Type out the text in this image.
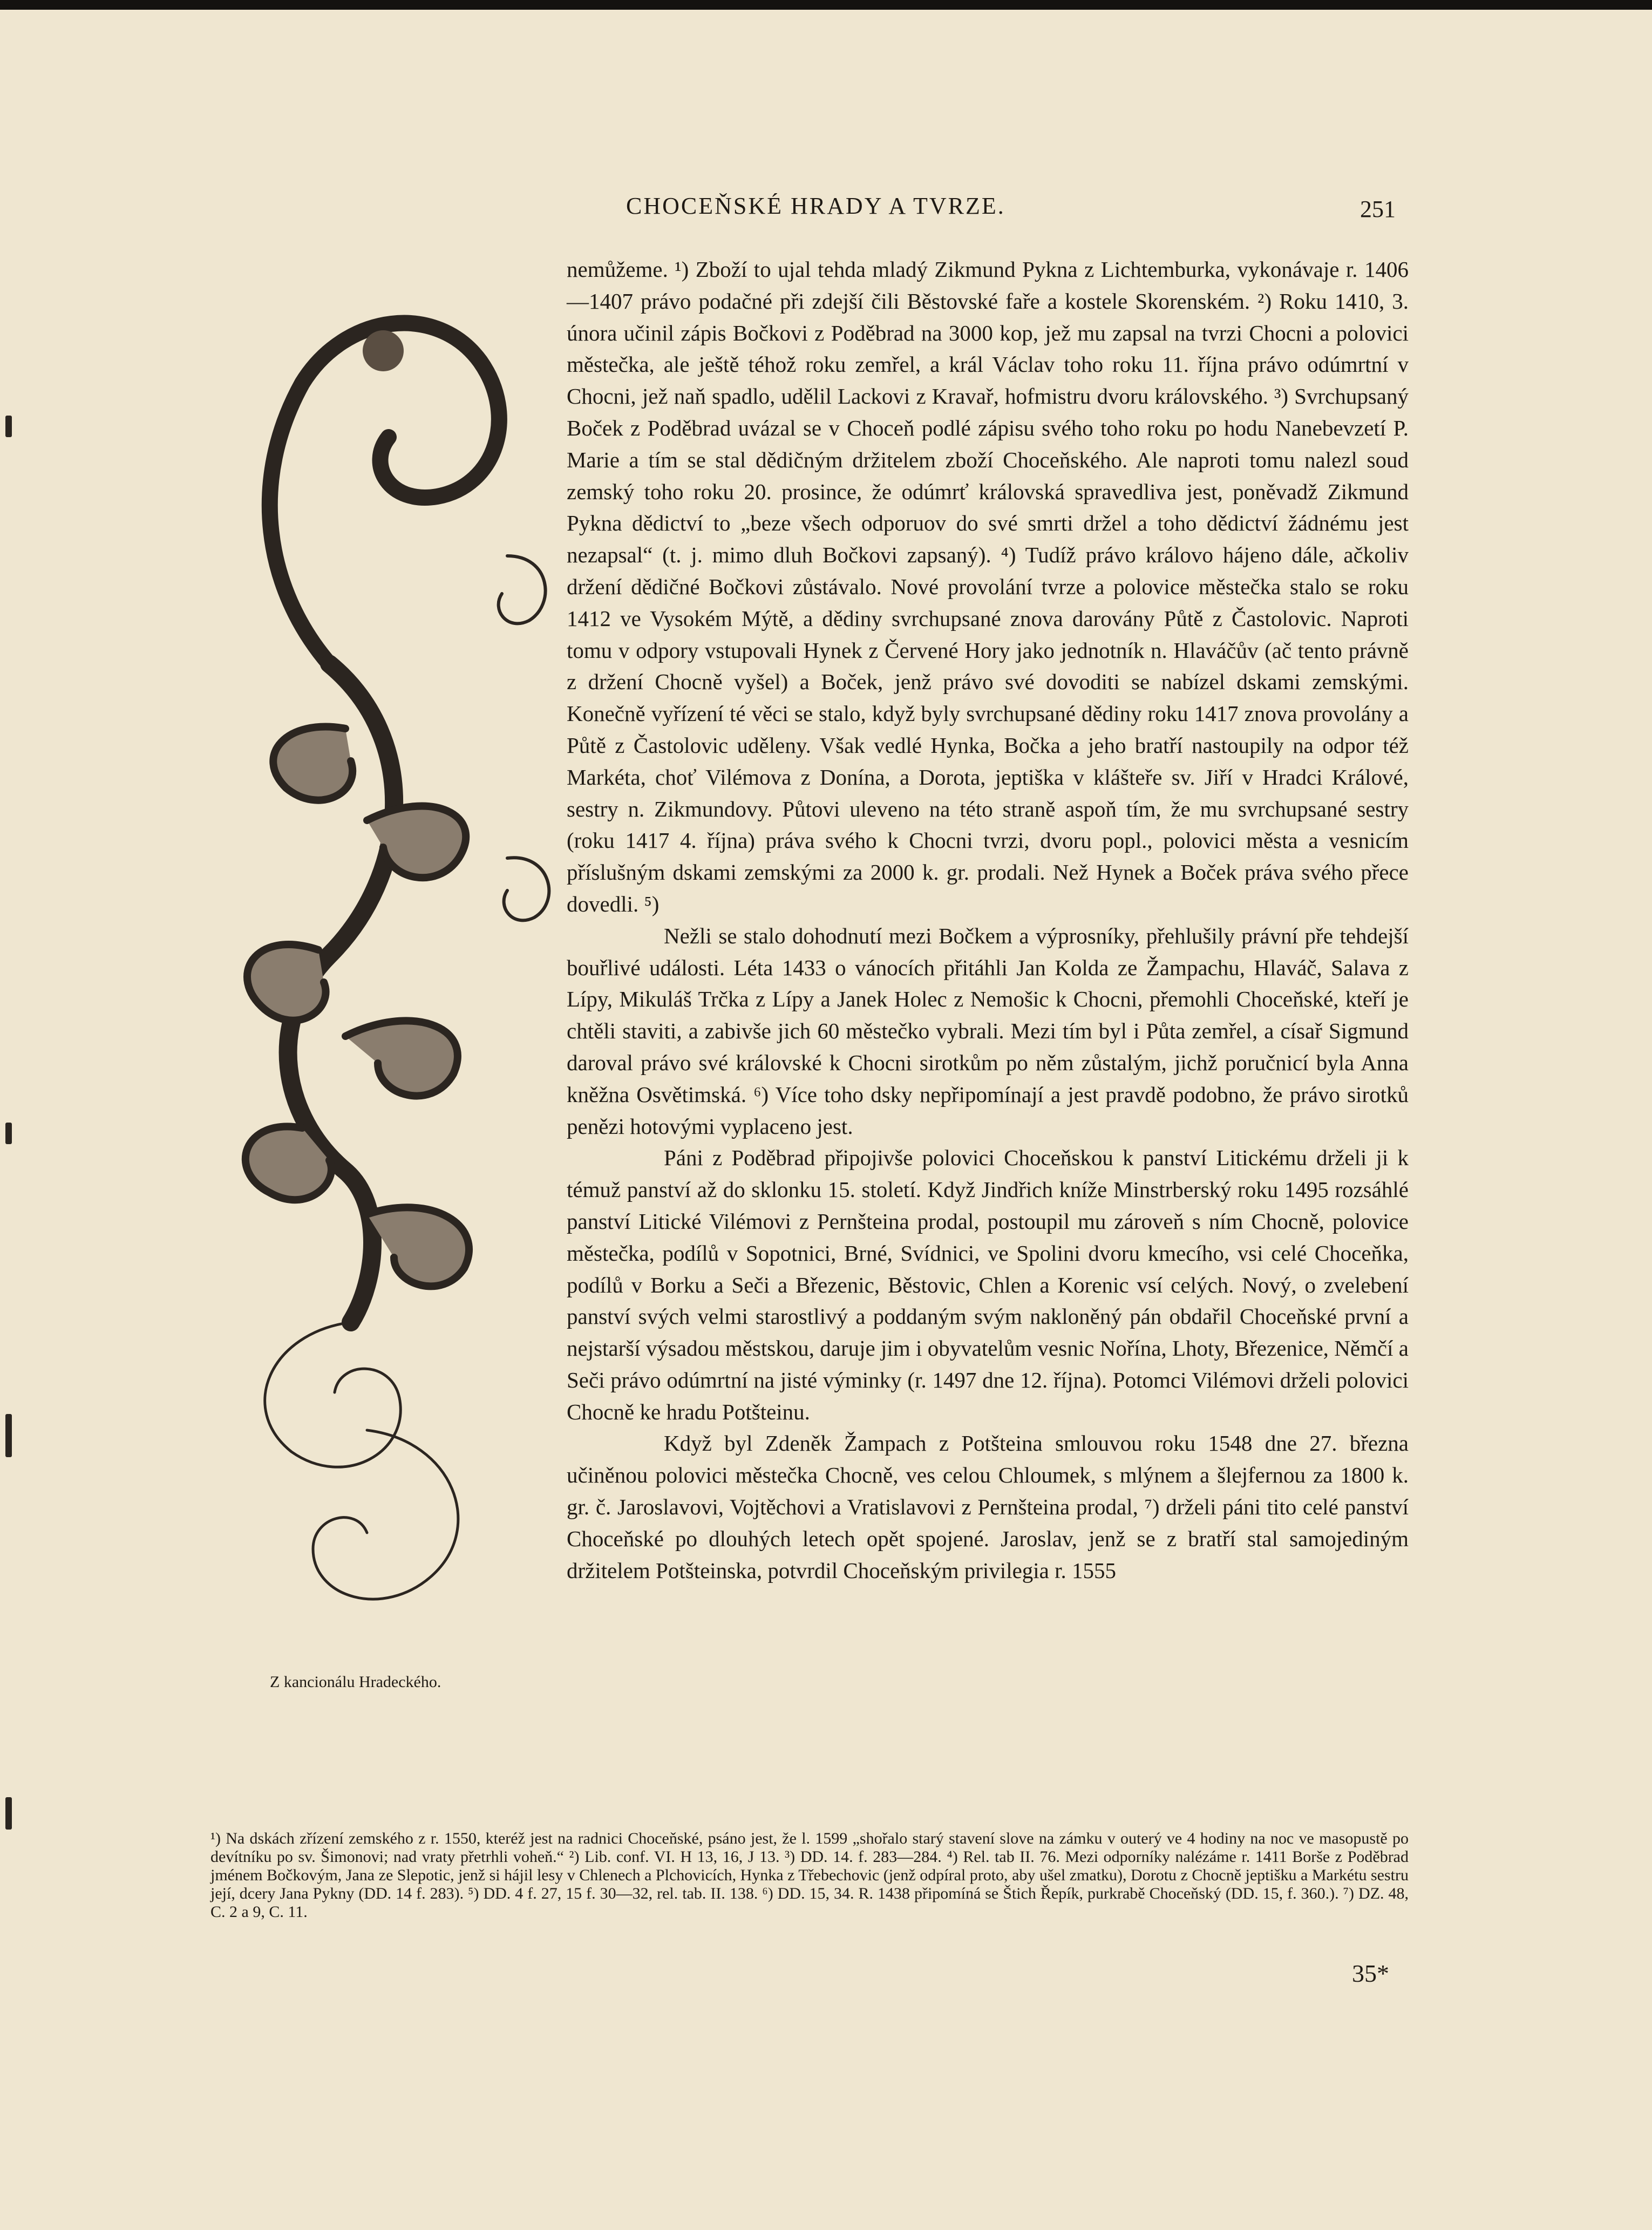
CHOCEŇSKÉ HRADY A TVRZE.	251
Z kancionálu Hradeckého.

nemůžeme. ¹) Zboží to ujal tehda mladý Zikmund Pykna z Lichtemburka, vykonávaje r. 1406—1407 právo podačné při zdejší čili Běstovské faře a kostele Skorenském. ²) Roku 1410, 3. února učinil zápis Bočkovi z Poděbrad na 3000 kop, jež mu zapsal na tvrzi Chocni a polovici městečka, ale ještě téhož roku zemřel, a král Václav toho roku 11. října právo odúmrtní v Chocni, jež naň spadlo, udělil Lackovi z Kravař, hofmistru dvoru královského. ³) Svrchupsaný Boček z Poděbrad uvázal se v Choceň podlé zápisu svého toho roku po hodu Nanebevzetí P. Marie a tím se stal dědičným držitelem zboží Choceňského. Ale naproti tomu nalezl soud zemský toho roku 20. prosince, že odúmrť královská spravedliva jest, poněvadž Zikmund Pykna dědictví to „beze všech odporuov do své smrti držel a toho dědictví žádnému jest nezapsal“ (t. j. mimo dluh Bočkovi zapsaný). ⁴) Tudíž právo královo hájeno dále, ačkoliv držení dědičné Bočkovi zůstávalo. Nové provolání tvrze a polovice městečka stalo se roku 1412 ve Vysokém Mýtě, a dědiny svrchupsané znova darovány Půtě z Častolovic. Naproti tomu v odpory vstupovali Hynek z Červené Hory jako jednotník n. Hlaváčův (ač tento právně z držení Chocně vyšel) a Boček, jenž právo své dovoditi se nabízel dskami zemskými. Konečně vyřízení té věci se stalo, když byly svrchupsané dědiny roku 1417 znova provolány a Půtě z Častolovic uděleny. Však vedlé Hynka, Bočka a jeho bratří nastoupily na odpor též Markéta, choť Vilémova z Donína, a Dorota, jeptiška v klášteře sv. Jiří v Hradci Králové, sestry n. Zikmundovy. Půtovi uleveno na této straně aspoň tím, že mu svrchupsané sestry (roku 1417 4. října) práva svého k Chocni tvrzi, dvoru popl., polovici města a vesnicím příslušným dskami zemskými za 2000 k. gr. prodali. Než Hynek a Boček práva svého přece dovedli. ⁵)

Nežli se stalo dohodnutí mezi Bočkem a výprosníky, přehlušily právní pře tehdejší bouřlivé události. Léta 1433 o vánocích přitáhli Jan Kolda ze Žampachu, Hlaváč, Salava z Lípy, Mikuláš Trčka z Lípy a Janek Holec z Nemošic k Chocni, přemohli Choceňské, kteří je chtěli staviti, a zabivše jich 60 městečko vybrali. Mezi tím byl i Půta zemřel, a císař Sigmund daroval právo své královské k Chocni sirotkům po něm zůstalým, jichž poručnicí byla Anna kněžna Osvětimská. ⁶) Více toho dsky nepřipomínají a jest pravdě podobno, že právo sirotků penězi hotovými vyplaceno jest.

Páni z Poděbrad připojivše polovici Choceňskou k panství Litickému drželi ji k témuž panství až do sklonku 15. století. Když Jindřich kníže Minstrberský roku 1495 rozsáhlé panství Litické Vilémovi z Pernšteina prodal, postoupil mu zároveň s ním Chocně, polovice městečka, podílů v Sopotnici, Brné, Svídnici, ve Spolini dvoru kmecího, vsi celé Choceňka, podílů v Borku a Seči a Březenic, Běstovic, Chlen a Korenic vsí celých. Nový, o zvelebení panství svých velmi starostlivý a poddaným svým nakloněný pán obdařil Choceňské první a nejstarší výsadou městskou, daruje jim i obyvatelům vesnic Nořína, Lhoty, Březenice, Němčí a Seči právo odúmrtní na jisté výminky (r. 1497 dne 12. října). Potomci Vilémovi drželi polovici Chocně ke hradu Potšteinu.

Když byl Zdeněk Žampach z Potšteina smlouvou roku 1548 dne 27. března učiněnou polovici městečka Chocně, ves celou Chloumek, s mlýnem a šlejfernou za 1800 k. gr. č. Jaroslavovi, Vojtěchovi a Vratislavovi z Pernšteina prodal, ⁷) drželi páni tito celé panství Choceňské po dlouhých letech opět spojené. Jaroslav, jenž se z bratří stal samojediným držitelem Potšteinska, potvrdil Choceňským privilegia r. 1555

¹) Na dskách zřízení zemského z r. 1550, kteréž jest na radnici Choceňské, psáno jest, že l. 1599 „shořalo starý stavení slove na zámku v outerý ve 4 hodiny na noc ve masopustě po devítníku po sv. Šimonovi; nad vraty přetrhli voheň.“ ²) Lib. conf. VI. H 13, 16, J 13. ³) DD. 14. f. 283—284. ⁴) Rel. tab II. 76. Mezi odporníky nalézáme r. 1411 Borše z Poděbrad jménem Bočkovým, Jana ze Slepotic, jenž si hájil lesy v Chlenech a Plchovicích, Hynka z Třebechovic (jenž odpíral proto, aby ušel zmatku), Dorotu z Chocně jeptišku a Markétu sestru její, dcery Jana Pykny (DD. 14 f. 283). ⁵) DD. 4 f. 27, 15 f. 30—32, rel. tab. II. 138. ⁶) DD. 15, 34. R. 1438 připomíná se Štich Řepík, purkrabě Choceňský (DD. 15, f. 360.). ⁷) DZ. 48, C. 2 a 9, C. 11.
35*
